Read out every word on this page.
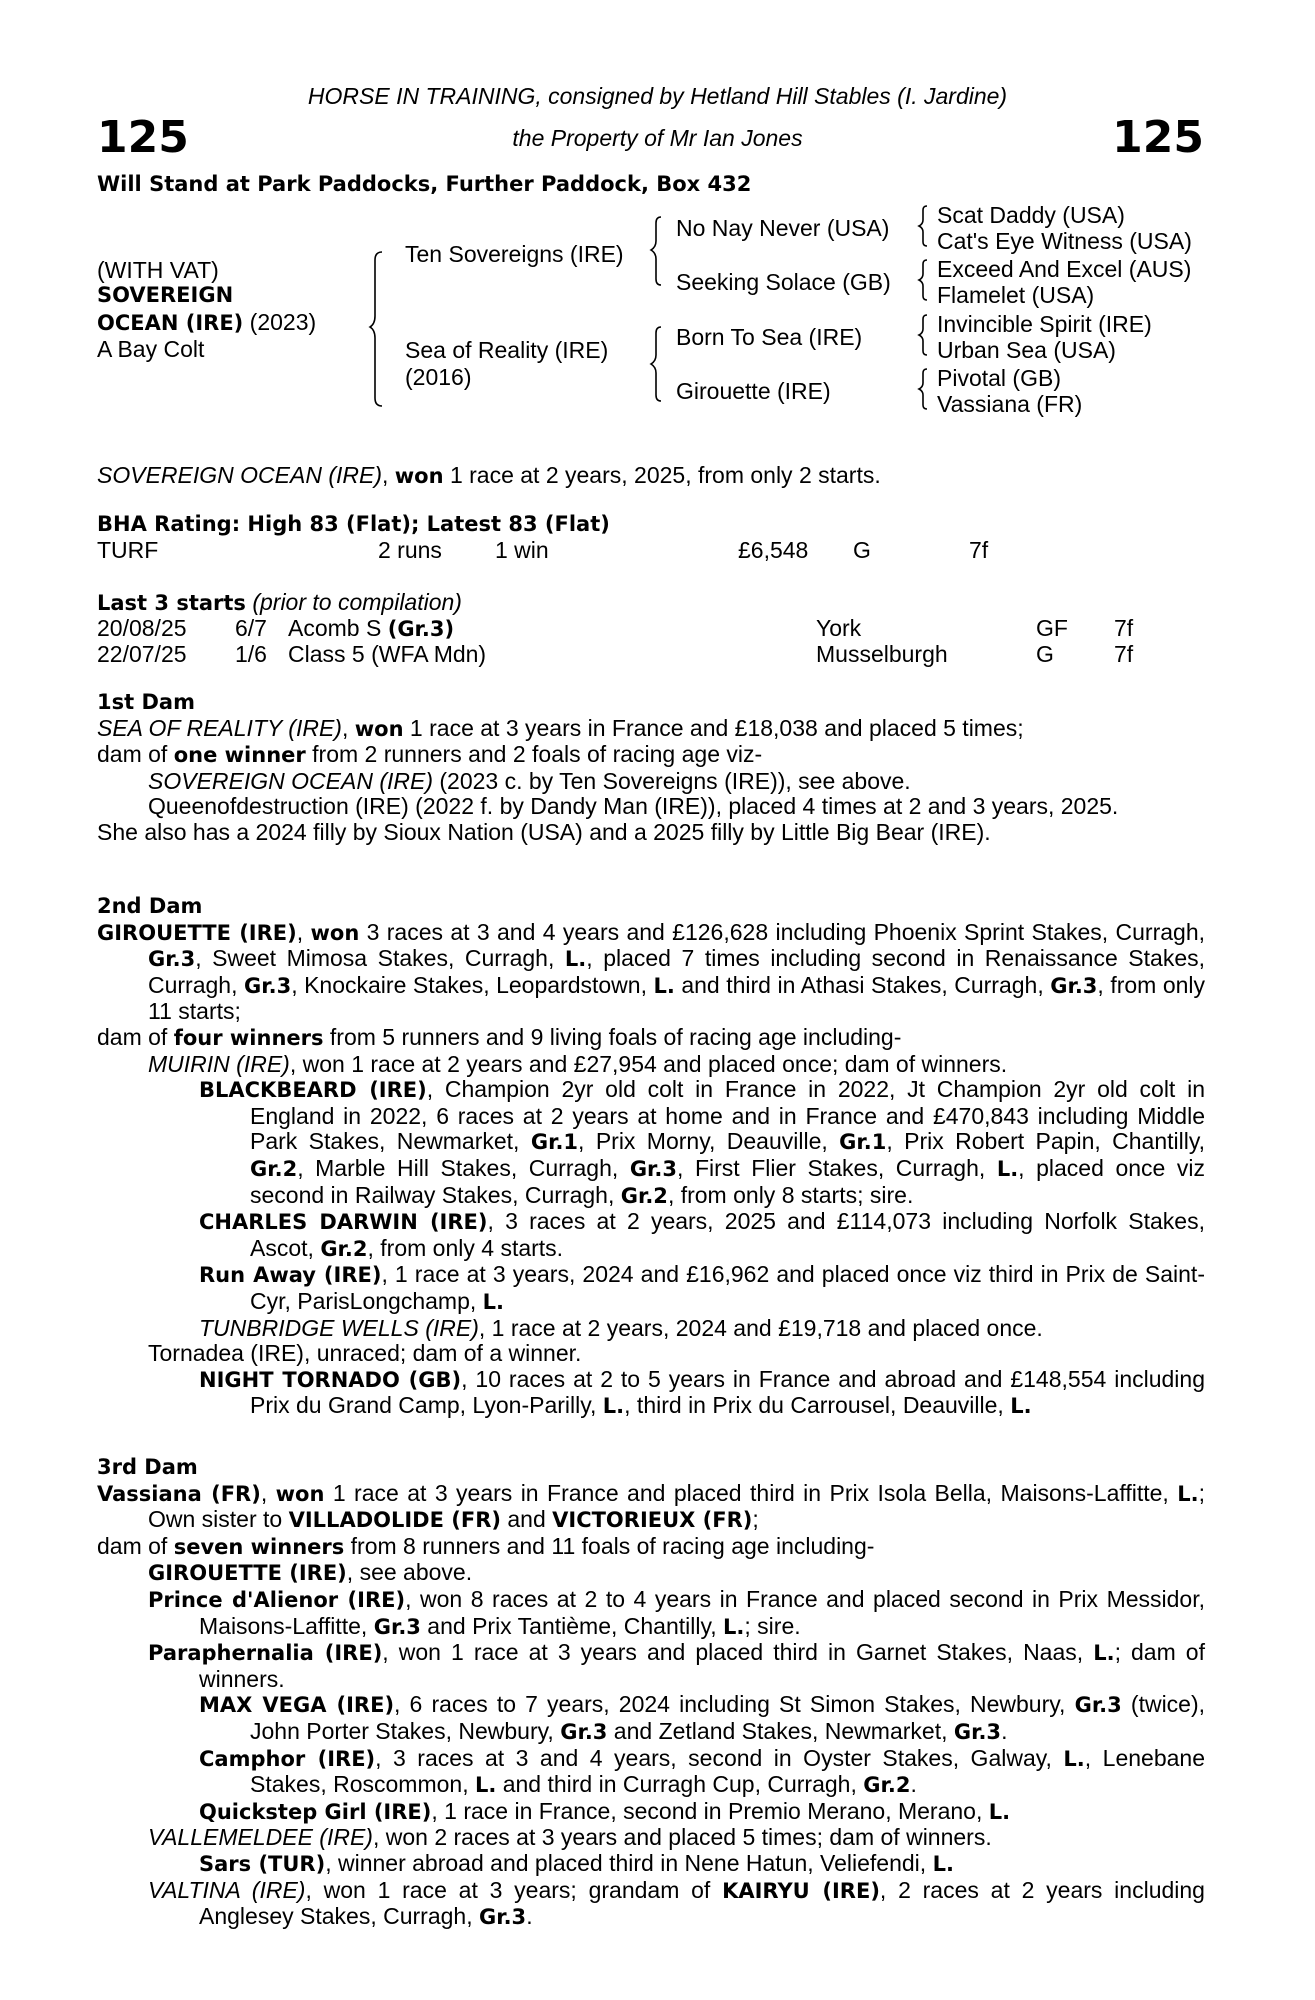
125	125
HORSE IN TRAINING, consigned by Hetland Hill Stables (I. Jardine)
the Property of Mr Ian Jones
Will Stand at Park Paddocks, Further Paddock, Box 432
(WITH VAT)
SOVEREIGN
OCEAN (IRE) (2023)
A Bay Colt
Ten Sovereigns (IRE)
Sea of Reality (IRE)
(2016)
No Nay Never (USA)
Seeking Solace (GB)
Born To Sea (IRE)
Girouette (IRE)
Scat Daddy (USA)
Cat's Eye Witness (USA)
Exceed And Excel (AUS)
Flamelet (USA)
Invincible Spirit (IRE)
Urban Sea (USA)
Pivotal (GB)
Vassiana (FR)
SOVEREIGN OCEAN (IRE), won 1 race at 2 years, 2025, from only 2 starts.
BHA Rating: High 83 (Flat); Latest 83 (Flat)
TURF	2 runs 1 win	£6,548 G	7f
Last 3 starts (prior to compilation)
20/08/25 6/7 Acomb S (Gr.3)	York	GF 7f
22/07/25 1/6 Class 5 (WFA Mdn)	Musselburgh	G	7f

1st Dam

SEA OF REALITY (IRE), won 1 race at 3 years in France and £18,038 and placed 5 times;

dam of one winner from 2 runners and 2 foals of racing age viz-

SOVEREIGN OCEAN (IRE) (2023 c. by Ten Sovereigns (IRE)), see above.

Queenofdestruction (IRE) (2022 f. by Dandy Man (IRE)), placed 4 times at 2 and 3 years, 2025.

She also has a 2024 filly by Sioux Nation (USA) and a 2025 filly by Little Big Bear (IRE).

2nd Dam

GIROUETTE (IRE), won 3 races at 3 and 4 years and £126,628 including Phoenix Sprint Stakes, Curragh, Gr.3, Sweet Mimosa Stakes, Curragh, L., placed 7 times including second in Renaissance Stakes, Curragh, Gr.3, Knockaire Stakes, Leopardstown, L. and third in Athasi Stakes, Curragh, Gr.3, from only 11 starts;

dam of four winners from 5 runners and 9 living foals of racing age including-

MUIRIN (IRE), won 1 race at 2 years and £27,954 and placed once; dam of winners.

BLACKBEARD (IRE), Champion 2yr old colt in France in 2022, Jt Champion 2yr old colt in England in 2022, 6 races at 2 years at home and in France and £470,843 including Middle Park Stakes, Newmarket, Gr.1, Prix Morny, Deauville, Gr.1, Prix Robert Papin, Chantilly, Gr.2, Marble Hill Stakes, Curragh, Gr.3, First Flier Stakes, Curragh, L., placed once viz second in Railway Stakes, Curragh, Gr.2, from only 8 starts; sire.

CHARLES DARWIN (IRE), 3 races at 2 years, 2025 and £114,073 including Norfolk Stakes, Ascot, Gr.2, from only 4 starts.

Run Away (IRE), 1 race at 3 years, 2024 and £16,962 and placed once viz third in Prix de Saint-Cyr, ParisLongchamp, L.

TUNBRIDGE WELLS (IRE), 1 race at 2 years, 2024 and £19,718 and placed once.

Tornadea (IRE), unraced; dam of a winner.

NIGHT TORNADO (GB), 10 races at 2 to 5 years in France and abroad and £148,554 including Prix du Grand Camp, Lyon-Parilly, L., third in Prix du Carrousel, Deauville, L.

3rd Dam

Vassiana (FR), won 1 race at 3 years in France and placed third in Prix Isola Bella, Maisons-Laffitte, L.; Own sister to VILLADOLIDE (FR) and VICTORIEUX (FR);

dam of seven winners from 8 runners and 11 foals of racing age including-

GIROUETTE (IRE), see above.

Prince d'Alienor (IRE), won 8 races at 2 to 4 years in France and placed second in Prix Messidor, Maisons-Laffitte, Gr.3 and Prix Tantième, Chantilly, L.; sire.

Paraphernalia (IRE), won 1 race at 3 years and placed third in Garnet Stakes, Naas, L.; dam of winners.

MAX VEGA (IRE), 6 races to 7 years, 2024 including St Simon Stakes, Newbury, Gr.3 (twice), John Porter Stakes, Newbury, Gr.3 and Zetland Stakes, Newmarket, Gr.3.

Camphor (IRE), 3 races at 3 and 4 years, second in Oyster Stakes, Galway, L., Lenebane Stakes, Roscommon, L. and third in Curragh Cup, Curragh, Gr.2.

Quickstep Girl (IRE), 1 race in France, second in Premio Merano, Merano, L.

VALLEMELDEE (IRE), won 2 races at 3 years and placed 5 times; dam of winners.

Sars (TUR), winner abroad and placed third in Nene Hatun, Veliefendi, L.

VALTINA (IRE), won 1 race at 3 years; grandam of KAIRYU (IRE), 2 races at 2 years including Anglesey Stakes, Curragh, Gr.3.
